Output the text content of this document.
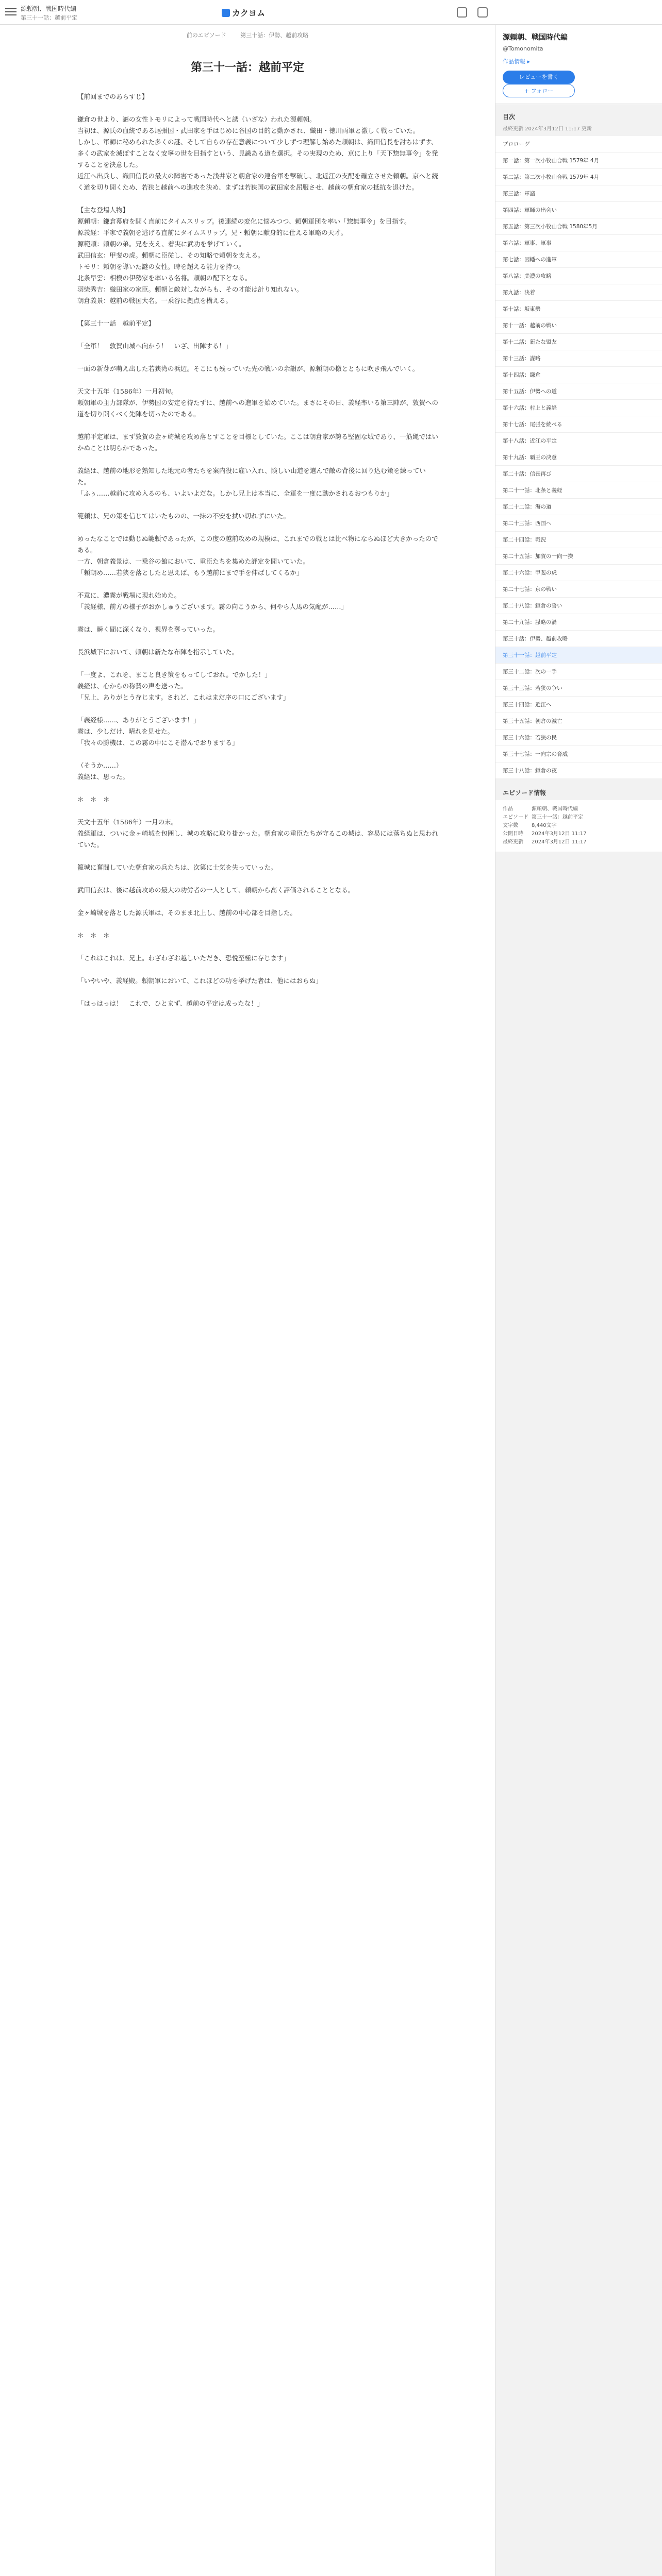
源頼朝、戦国時代編
第三十一話：越前平定	カクヨム

前のエピソード	第三十話：伊勢、越前攻略
第三十一話：越前平定

【前回までのあらすじ】

鎌倉の世より、謎の女性トモリによって戦国時代へと誘（いざな）われた源頼朝。

当初は、源氏の血統である尾張国・武田家を手はじめに各国の目的と動かされ、織田・徳川両軍と激しく戦っていた。

しかし、軍師に秘められた多くの謎、そして自らの存在意義について少しずつ理解し始めた頼朝は、織田信長を討ちはずす、多くの武家を滅ぼすことなく安寧の世を目指すという、見識ある道を選択。その実現のため、京に上り「天下惣無事令」を発することを決意した。

近江へ出兵し、織田信長の最大の障害であった浅井家と朝倉家の連合軍を撃破し、北近江の支配を確立させた頼朝。京へと続く道を切り開くため、若狭と越前への進攻を決め、まずは若狭国の武田家を屈服させ、越前の朝倉家の抵抗を退けた。

【主な登場人物】

源頼朝：鎌倉幕府を開く直前にタイムスリップ。後連続の変化に悩みつつ、頼朝軍団を率い「惣無事令」を目指す。

源義経：平家で義朝を逃げる直前にタイムスリップ。兄・頼朝に献身的に仕える軍略の天才。

源範頼：頼朝の弟。兄を支え、着実に武功を挙げていく。

武田信玄：甲斐の虎。頼朝に臣従し、その知略で頼朝を支える。

トモリ：頼朝を導いた謎の女性。時を超える能力を持つ。

北条早雲：相模の伊勢家を率いる名将。頼朝の配下となる。

羽柴秀吉：織田家の家臣。頼朝と敵対しながらも、その才能は計り知れない。

朝倉義景：越前の戦国大名。一乗谷に拠点を構える。

【第三十一話　越前平定】

「全軍！　敦賀山城へ向かう！　いざ、出陣する！」

一面の新芽が萌え出した若狭湾の浜辺。そこにも残っていた先の戦いの余韻が、源頼朝の檄とともに吹き飛んでいく。

天文十五年（1586年）一月初旬。

頼朝軍の主力部隊が、伊勢国の安定を待たずに、越前への進軍を始めていた。まさにその日、義経率いる第三陣が、敦賀への道を切り開くべく先陣を切ったのである。

越前平定軍は、まず敦賀の金ヶ崎城を攻め落とすことを目標としていた。ここは朝倉家が誇る堅固な城であり、一筋縄ではいかぬことは明らかであった。

義経は、越前の地形を熟知した地元の者たちを案内役に雇い入れ、険しい山道を選んで敵の背後に回り込む策を練っていた。

「ふぅ……越前に攻め入るのも、いよいよだな。しかし兄上は本当に、全軍を一度に動かされるおつもりか」

範頼は、兄の策を信じてはいたものの、一抹の不安を拭い切れずにいた。

めったなことでは動じぬ範頼であったが、この度の越前攻めの規模は、これまでの戦とは比べ物にならぬほど大きかったのである。

一方、朝倉義景は、一乗谷の館において、重臣たちを集めた評定を開いていた。

「頼朝め……若狭を落としたと思えば、もう越前にまで手を伸ばしてくるか」

不意に、濃霧が戦場に現れ始めた。

「義経様、前方の様子がおかしゅうございます。霧の向こうから、何やら人馬の気配が……」

霧は、瞬く間に深くなり、視界を奪っていった。

長浜城下において、頼朝は新たな布陣を指示していた。

「一度よ、これを、まこと良き策をもってしておれ。でかした！」

義経は、心からの称賛の声を送った。

「兄上、ありがとう存じます。されど、これはまだ序の口にございます」

「義経様……、ありがとうございます！」

霧は、少しだけ、晴れを見せた。

「我々の勝機は、この霧の中にこそ潜んでおりまする」

（そうか……）

義経は、思った。

＊　＊　＊

天文十五年（1586年）一月の末。

義経軍は、ついに金ヶ崎城を包囲し、城の攻略に取り掛かった。朝倉家の重臣たちが守るこの城は、容易には落ちぬと思われていた。

籠城に奮闘していた朝倉家の兵たちは、次第に士気を失っていった。

武田信玄は、後に越前攻めの最大の功労者の一人として、頼朝から高く評価されることとなる。

金ヶ崎城を落とした源氏軍は、そのまま北上し、越前の中心部を目指した。

＊　＊　＊

「これはこれは、兄上。わざわざお越しいただき、恐悦至極に存じます」

「いやいや、義経殿。頼朝軍において、これほどの功を挙げた者は、他にはおらぬ」

「はっはっは！　これで、ひとまず、越前の平定は成ったな！」

源頼朝、戦国時代編
@Tomonomita
作品情報 ▸
レビューを書く + フォロー
目次
最終更新 2024年3月12日 11:17 更新
プロローグ
第一話：第一次小牧山合戦 1579年 4月
第二話：第二次小牧山合戦 1579年 4月
第三話：軍議
第四話：軍師の出会い
第五話：第三次小牧山合戦 1580年5月
第六話：軍事、軍事
第七話：因幡への進軍
第八話：美濃の攻略
第九話：決着
第十話：坂東勢
第十一話：越前の戦い
第十二話：新たな盟友
第十三話：謀略
第十四話：鎌倉
第十五話：伊勢への道
第十六話：村上と義経
第十七話：尾張を統べる
第十八話：近江の平定
第十九話：覇王の決意
第二十話：信長再び
第二十一話：北条と義経
第二十二話：海の道
第二十三話：西国へ
第二十四話：戦況
第二十五話：加賀の一向一揆
第二十六話：甲斐の虎
第二十七話：京の戦い
第二十八話：鎌倉の誓い
第二十九話：謀略の渦
第三十話：伊勢、越前攻略
第三十一話：越前平定
第三十二話：次の一手
第三十三話：若狭の争い
第三十四話：近江へ
第三十五話：朝倉の滅亡
第三十六話：若狭の民
第三十七話：一向宗の脅威
第三十八話：鎌倉の夜
エピソード情報
作品	源頼朝、戦国時代編
エピソード 第三十一話：越前平定
文字数	8,440文字
公開日時 2024年3月12日 11:17
最終更新 2024年3月12日 11:17
